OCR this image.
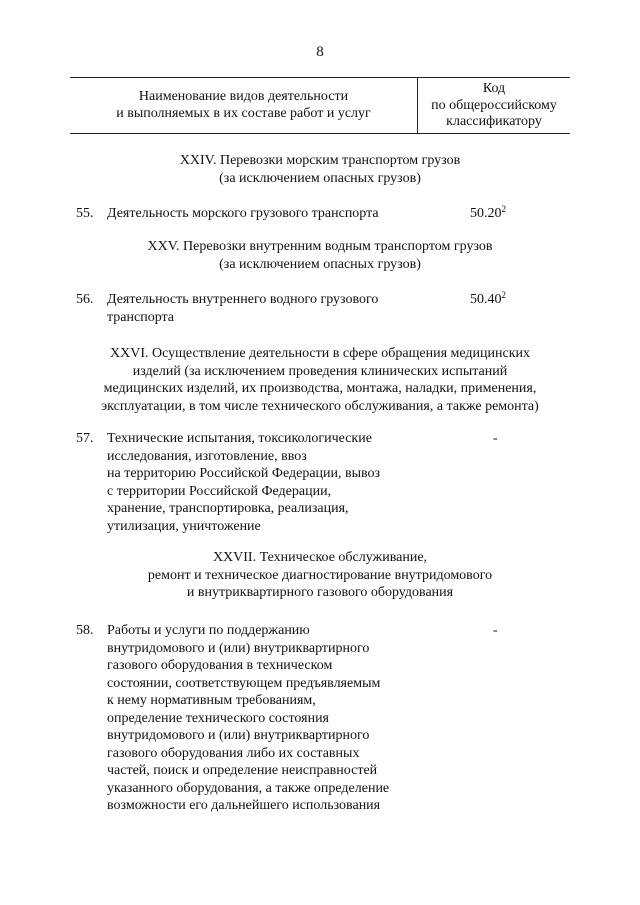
8
Наименование видов деятельности
и выполняемых в их составе работ и услуг
Код
по общероссийскому
классификатору
XXIV. Перевозки морским транспортом грузов
(за исключением опасных грузов)
55. Деятельность морского грузового транспорта	50.20$^2$
XXV. Перевозки внутренним водным транспортом грузов
(за исключением опасных грузов)
56. Деятельность внутреннего водного грузового
транспорта
50.40$^2$
XXVI. Осуществление деятельности в сфере обращения медицинских
изделий (за исключением проведения клинических испытаний
медицинских изделий, их производства, монтажа, наладки, применения,
эксплуатации, в том числе технического обслуживания, а также ремонта)
57. Технические испытания, токсикологические
исследования, изготовление, ввоз
на территорию Российской Федерации, вывоз
с территории Российской Федерации,
хранение, транспортировка, реализация,
утилизация, уничтожение
-
XXVII. Техническое обслуживание,
ремонт и техническое диагностирование внутридомового
и внутриквартирного газового оборудования
58. Работы и услуги по поддержанию
внутридомового и (или) внутриквартирного
газового оборудования в техническом
состоянии, соответствующем предъявляемым
к нему нормативным требованиям,
определение технического состояния
внутридомового и (или) внутриквартирного
газового оборудования либо их составных
частей, поиск и определение неисправностей
указанного оборудования, а также определение
возможности его дальнейшего использования
-
